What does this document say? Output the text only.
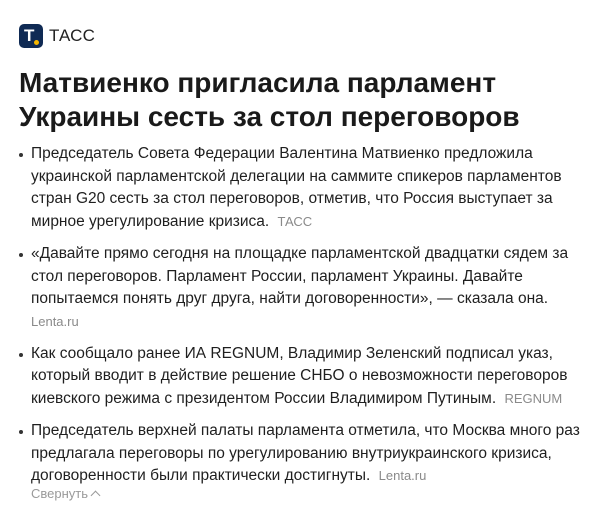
Т ТАСС
Матвиенко пригласила парламент Украины сесть за стол переговоров
Председатель Совета Федерации Валентина Матвиенко предложила украинской парламентской делегации на саммите спикеров парламентов стран G20 сесть за стол переговоров, отметив, что Россия выступает за мирное урегулирование кризиса. ТАСС
«Давайте прямо сегодня на площадке парламентской двадцатки сядем за стол переговоров. Парламент России, парламент Украины. Давайте попытаемся понять друг друга, найти договоренности», — сказала она.
Lenta.ru
Как сообщало ранее ИА REGNUM, Владимир Зеленский подписал указ, который вводит в действие решение СНБО о невозможности переговоров киевского режима с президентом России Владимиром Путиным. REGNUM
Председатель верхней палаты парламента отметила, что Москва много раз предлагала переговоры по урегулированию внутриукраинского кризиса, договоренности были практически достигнуты. Lenta.ru
Свернуть
